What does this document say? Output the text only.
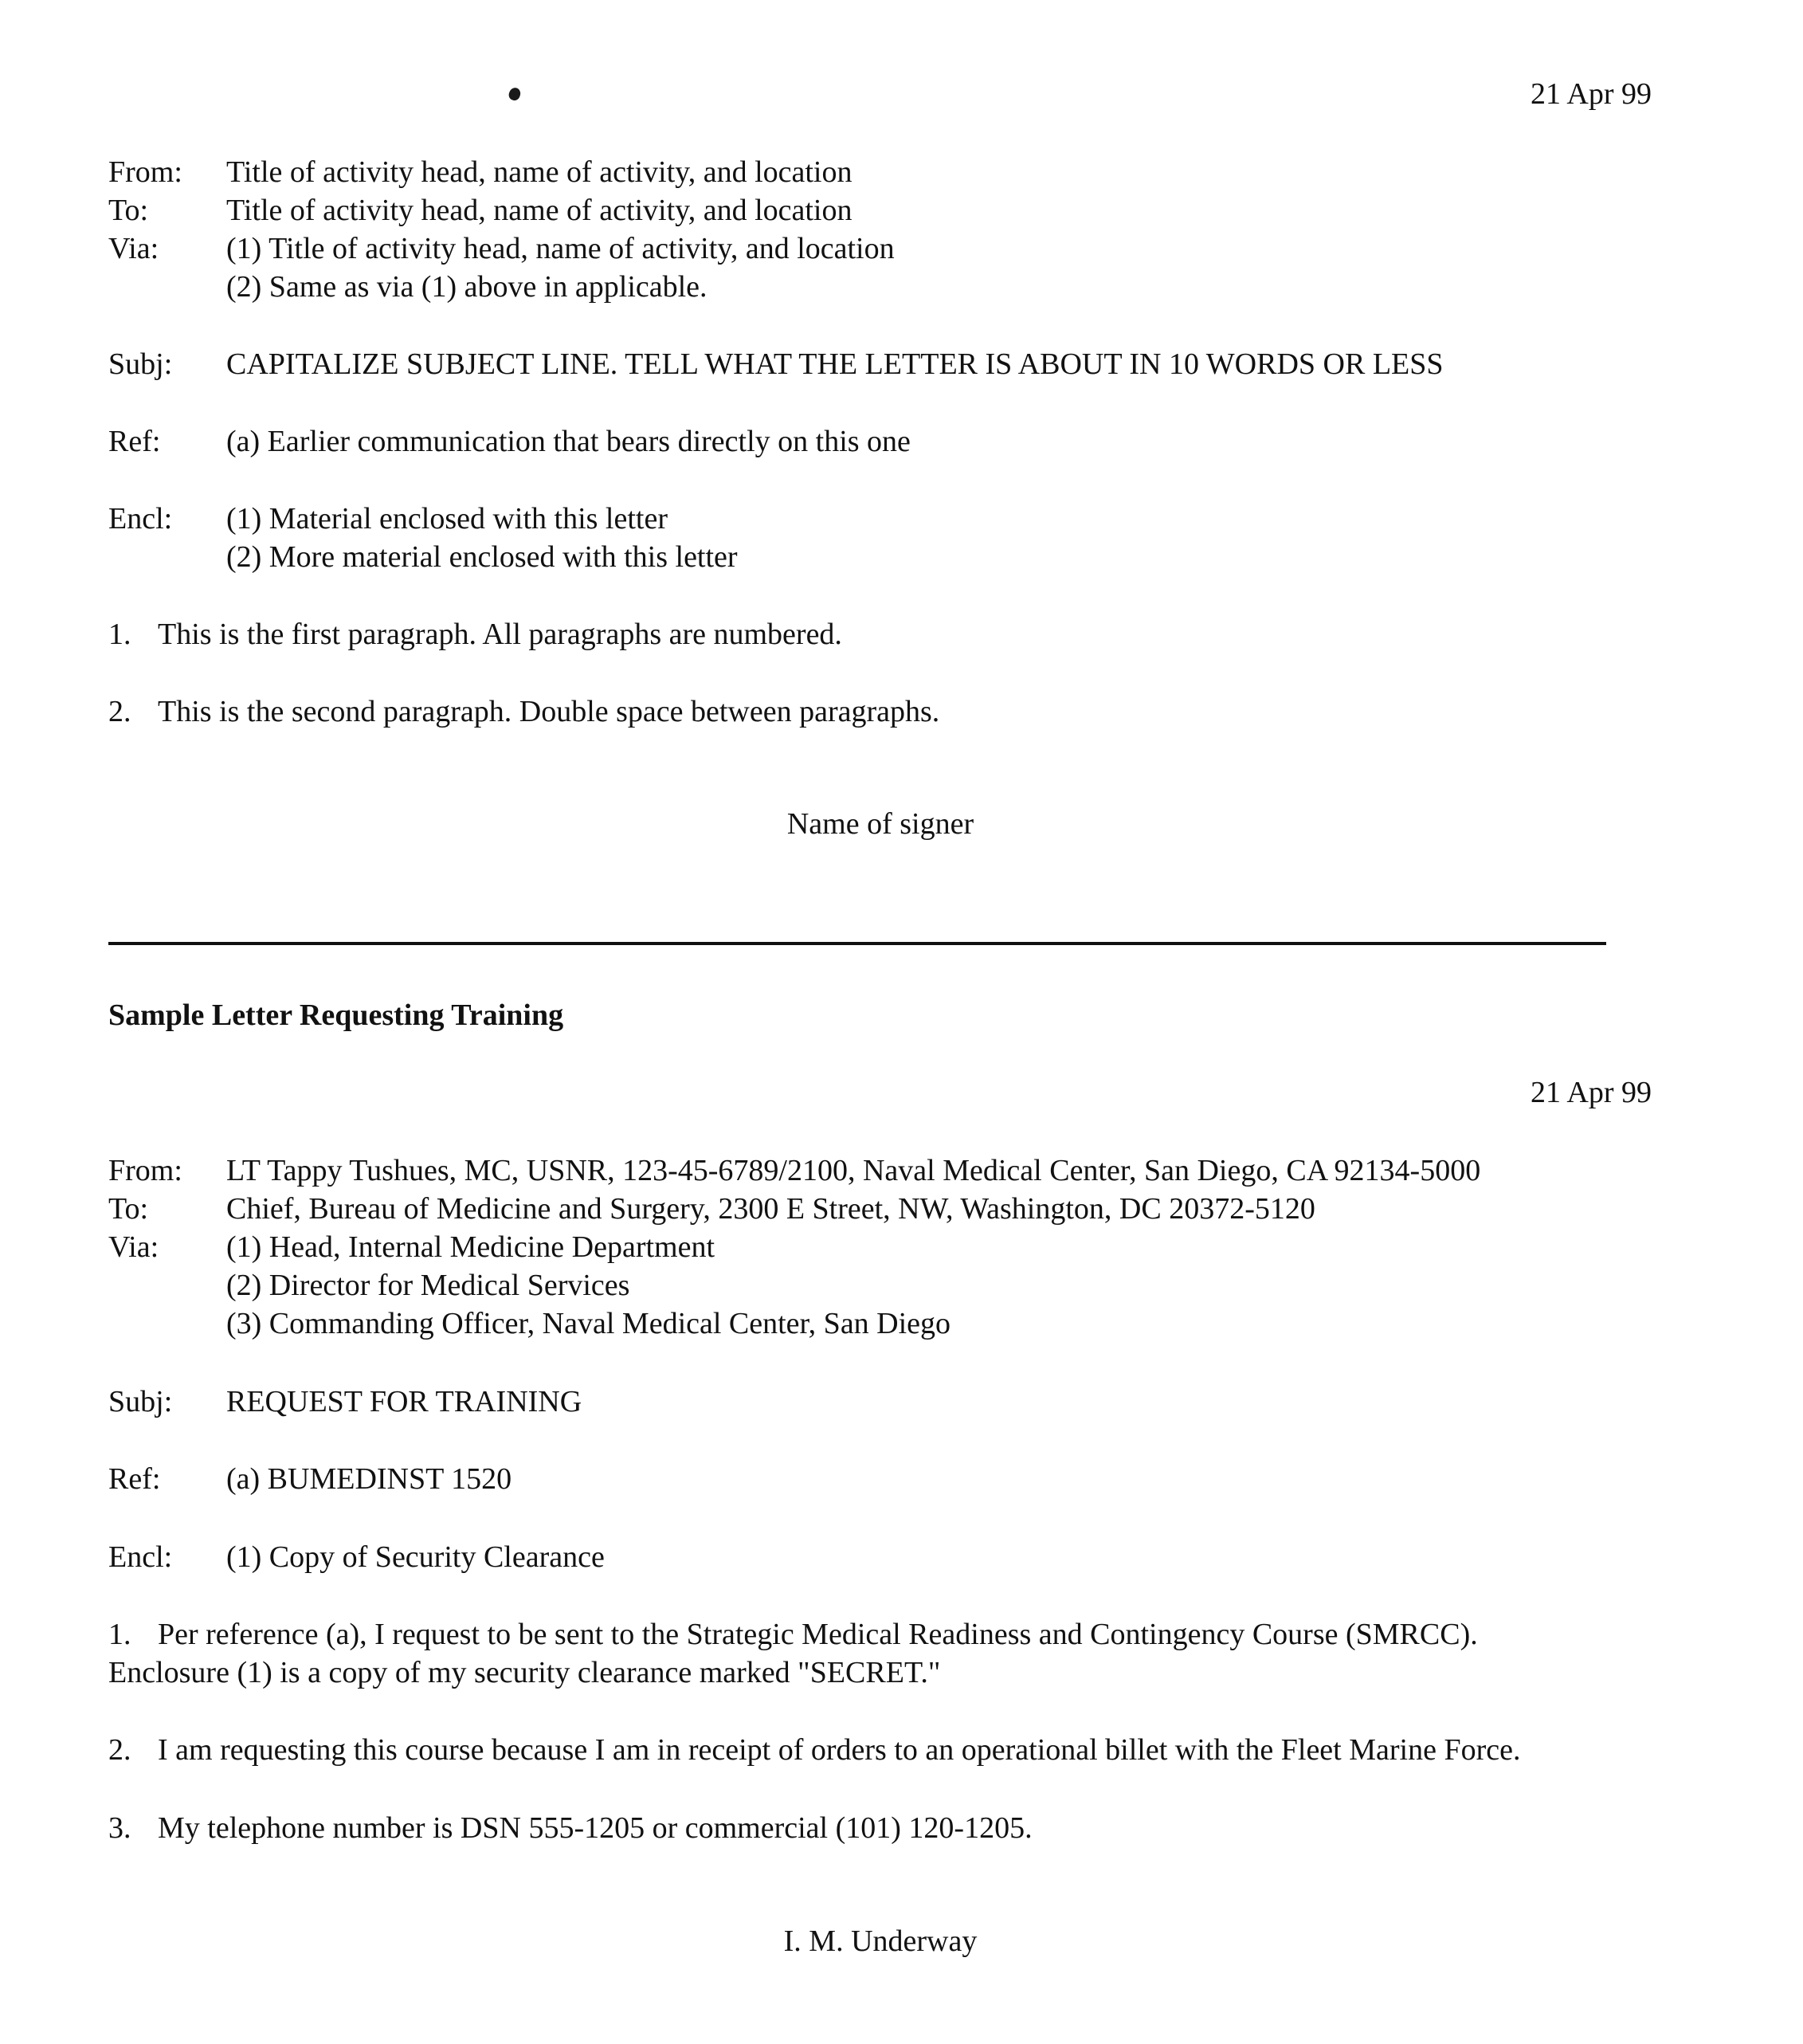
21 Apr 99
From: Title of activity head, name of activity, and location
To:	Title of activity head, name of activity, and location
Via: (1) Title of activity head, name of activity, and location
(2) Same as via (1) above in applicable.
Subj: CAPITALIZE SUBJECT LINE. TELL WHAT THE LETTER IS ABOUT IN 10 WORDS OR LESS
Ref: (a) Earlier communication that bears directly on this one
Encl: (1) Material enclosed with this letter
(2) More material enclosed with this letter
1. This is the first paragraph. All paragraphs are numbered.
2. This is the second paragraph. Double space between paragraphs.
Name of signer
Sample Letter Requesting Training
21 Apr 99
From: LT Tappy Tushues, MC, USNR, 123-45-6789/2100, Naval Medical Center, San Diego, CA 92134-5000
To:	Chief, Bureau of Medicine and Surgery, 2300 E Street, NW, Washington, DC 20372-5120
Via: (1) Head, Internal Medicine Department
(2) Director for Medical Services
(3) Commanding Officer, Naval Medical Center, San Diego
Subj: REQUEST FOR TRAINING
Ref: (a) BUMEDINST 1520
Encl: (1) Copy of Security Clearance
1. Per reference (a), I request to be sent to the Strategic Medical Readiness and Contingency Course (SMRCC).
Enclosure (1) is a copy of my security clearance marked "SECRET."
2. I am requesting this course because I am in receipt of orders to an operational billet with the Fleet Marine Force.
3. My telephone number is DSN 555-1205 or commercial (101) 120-1205.
I. M. Underway
